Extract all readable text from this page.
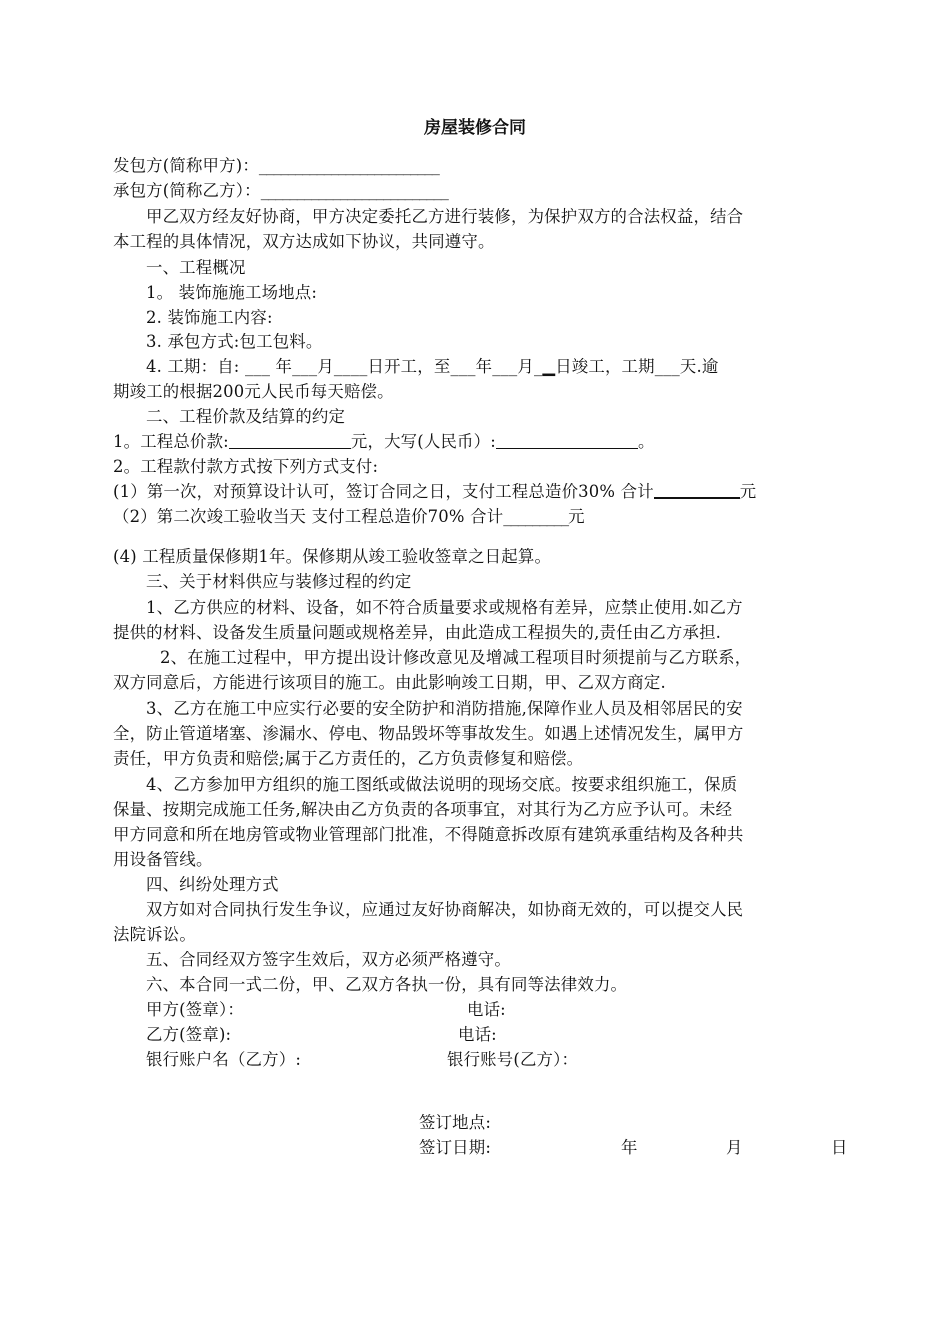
房屋装修合同
发包方(简称甲方)：_________________________
承包方(简称乙方）：__________________________
甲乙双方经友好协商，甲方决定委托乙方进行装修，为保护双方的合法权益，结合
本工程的具体情况，双方达成如下协议，共同遵守。
一、工程概况
1。 装饰施施工场地点:
2. 装饰施工内容:
3. 承包方式:包工包料。
4. 工期：自: ___ 年___月____日开工，至___年___月_▁日竣工，工期___天.逾
期竣工的根据200元人民币每天赔偿。
二、工程价款及结算的约定
1。工程总价款:	元，大写(人民币）:	。
2。工程款付款方式按下列方式支付:
(1）第一次，对预算设计认可，签订合同之日，支付工程总造价30% 合计	元
（2）第二次竣工验收当天 支付工程总造价70% 合计_________元
(4) 工程质量保修期1年。保修期从竣工验收签章之日起算。
三、关于材料供应与装修过程的约定
1、乙方供应的材料、设备，如不符合质量要求或规格有差异，应禁止使用.如乙方
提供的材料、设备发生质量问题或规格差异，由此造成工程损失的,责任由乙方承担.
2、在施工过程中，甲方提出设计修改意见及增减工程项目时须提前与乙方联系，
双方同意后，方能进行该项目的施工。由此影响竣工日期，甲、乙双方商定.
3、乙方在施工中应实行必要的安全防护和消防措施,保障作业人员及相邻居民的安
全，防止管道堵塞、渗漏水、停电、物品毁坏等事故发生。如遇上述情况发生，属甲方
责任，甲方负责和赔偿;属于乙方责任的，乙方负责修复和赔偿。
4、乙方参加甲方组织的施工图纸或做法说明的现场交底。按要求组织施工，保质
保量、按期完成施工任务,解决由乙方负责的各项事宜，对其行为乙方应予认可。未经
甲方同意和所在地房管或物业管理部门批准，不得随意拆改原有建筑承重结构及各种共
用设备管线。
四、纠纷处理方式
双方如对合同执行发生争议，应通过友好协商解决，如协商无效的，可以提交人民
法院诉讼。
五、合同经双方签字生效后，双方必须严格遵守。
六、本合同一式二份，甲、乙双方各执一份，具有同等法律效力。
甲方(签章）：	电话:
乙方(签章):	电话:
银行账户名（乙方）:	银行账号(乙方）：
签订地点:
签订日期:	年	月	日
